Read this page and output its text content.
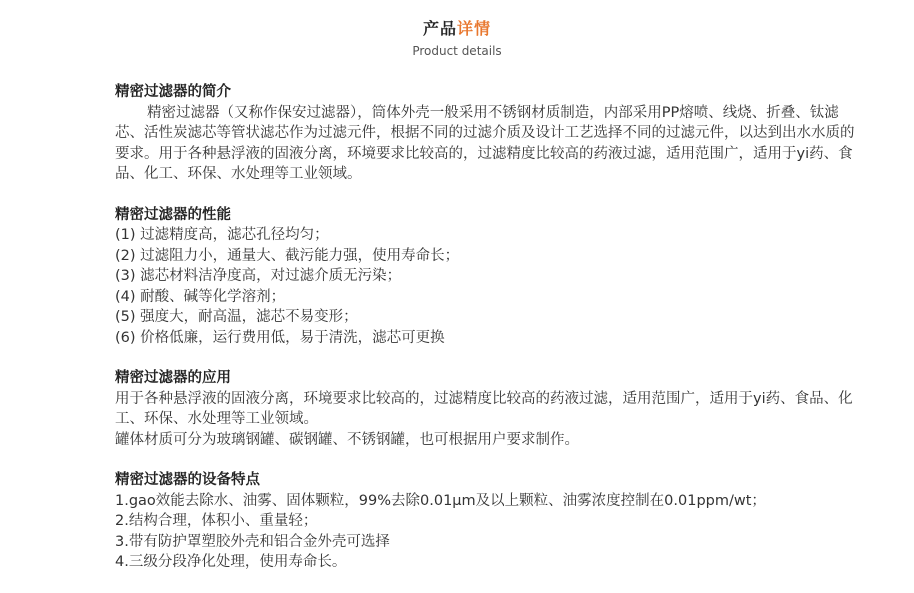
产品详情
Product details
精密过滤器的简介

精密过滤器（又称作保安过滤器），筒体外壳一般采用不锈钢材质制造，内部采用PP熔喷、线烧、折叠、钛滤芯、活性炭滤芯等管状滤芯作为过滤元件，根据不同的过滤介质及设计工艺选择不同的过滤元件，以达到出水水质的要求。用于各种悬浮液的固液分离，环境要求比较高的，过滤精度比较高的药液过滤，适用范围广，适用于yi药、食品、化工、环保、水处理等工业领域。

精密过滤器的性能
(1) 过滤精度高，滤芯孔径均匀；
(2) 过滤阻力小，通量大、截污能力强，使用寿命长；
(3) 滤芯材料洁净度高，对过滤介质无污染；
(4) 耐酸、碱等化学溶剂；
(5) 强度大，耐高温，滤芯不易变形；
(6) 价格低廉，运行费用低，易于清洗，滤芯可更换
精密过滤器的应用

用于各种悬浮液的固液分离，环境要求比较高的，过滤精度比较高的药液过滤，适用范围广，适用于yi药、食品、化工、环保、水处理等工业领域。

罐体材质可分为玻璃钢罐、碳钢罐、不锈钢罐，也可根据用户要求制作。

精密过滤器的设备特点
1.gao效能去除水、油雾、固体颗粒，99%去除0.01μm及以上颗粒、油雾浓度控制在0.01ppm/wt；
2.结构合理，体积小、重量轻；
3.带有防护罩塑胶外壳和铝合金外壳可选择
4.三级分段净化处理，使用寿命长。
